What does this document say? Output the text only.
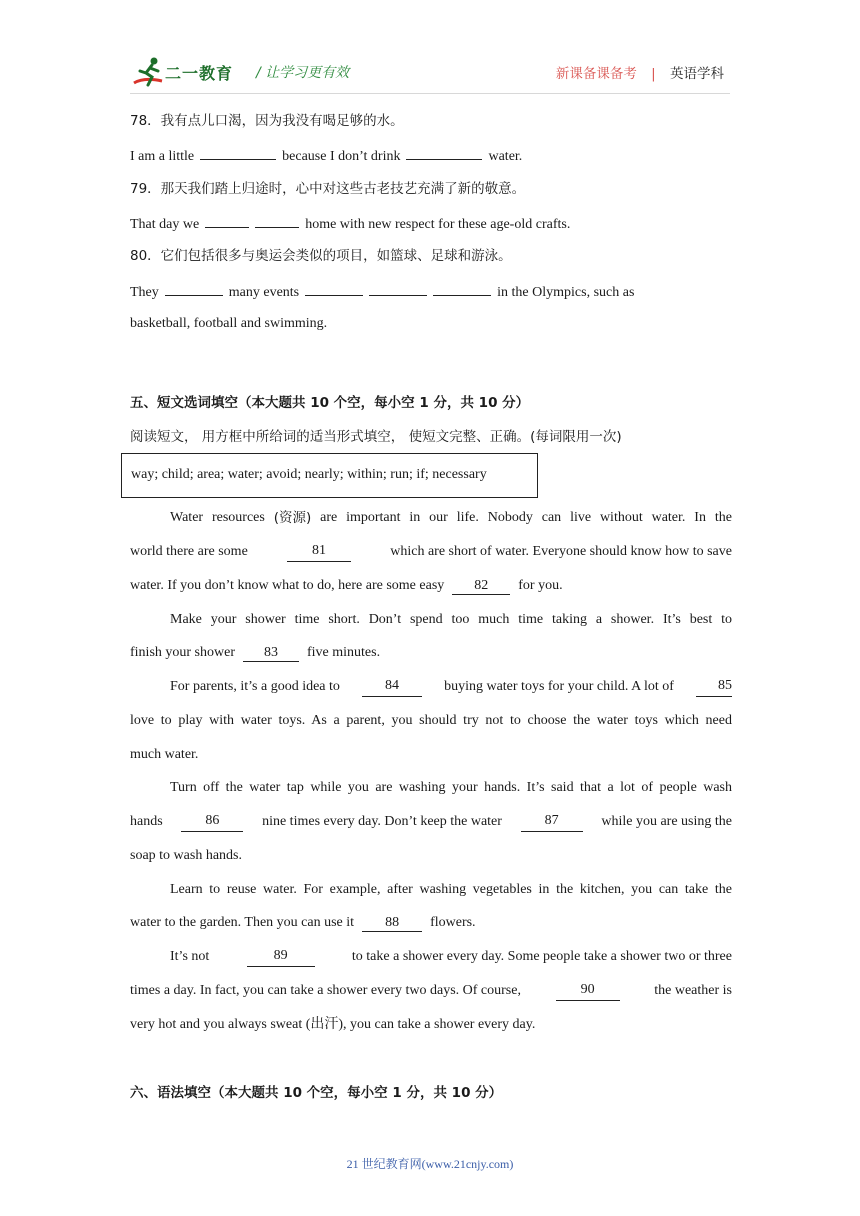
二一教育 / 让学习更有效	新课备课备考 | 英语学科
78．我有点儿口渴，因为我没有喝足够的水。
I am a little	because I don’t drink	water.
79．那天我们踏上归途时，心中对这些古老技艺充满了新的敬意。
That day we	home with new respect for these age-old crafts.
80．它们包括很多与奥运会类似的项目，如篮球、足球和游泳。
They	many events	in the Olympics, such as
basketball, football and swimming.
五、短文选词填空（本大题共 10 个空，每小空 1 分，共 10 分）
阅读短文， 用方框中所给词的适当形式填空， 使短文完整、正确。(每词限用一次)
way; child; area; water; avoid; nearly; within; run; if; necessary
Water resources (资源) are important in our life. Nobody can live without water. In the
world there are some	81	which are short of water. Everyone should know how to save
water. If you don’t know what to do, here are some easy 82 for you.
Make your shower time short. Don’t spend too much time taking a shower. It’s best to
finish your shower 83 five minutes.
For parents, it’s a good idea to	84	buying water toys for your child. A lot of	85
love to play with water toys. As a parent, you should try not to choose the water toys which need
much water.
Turn off the water tap while you are washing your hands. It’s said that a lot of people wash
hands	86	nine times every day. Don’t keep the water	87	while you are using the
soap to wash hands.
Learn to reuse water. For example, after washing vegetables in the kitchen, you can take the
water to the garden. Then you can use it 88 flowers.
It’s not	89	to take a shower every day. Some people take a shower two or three
times a day. In fact, you can take a shower every two days. Of course,	90	the weather is
very hot and you always sweat (出汗), you can take a shower every day.
六、语法填空（本大题共 10 个空，每小空 1 分，共 10 分）
21 世纪教育网(www.21cnjy.com)
